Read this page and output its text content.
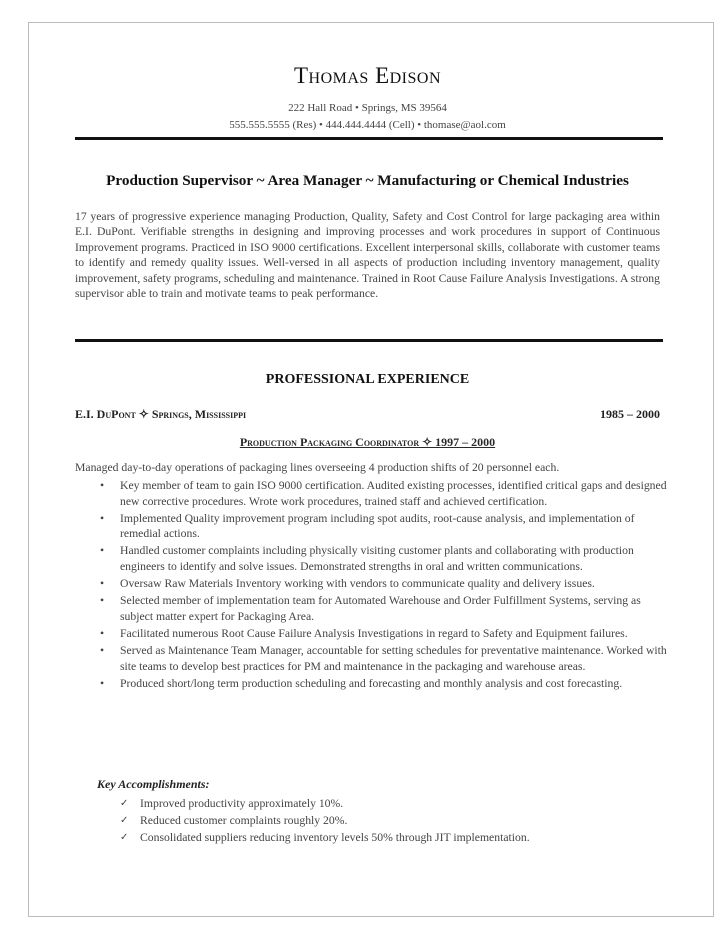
Thomas Edison
222 Hall Road • Springs, MS 39564
555.555.5555 (Res) • 444.444.4444 (Cell) • thomase@aol.com
Production Supervisor ~ Area Manager ~ Manufacturing or Chemical Industries
17 years of progressive experience managing Production, Quality, Safety and Cost Control for large packaging area within E.I. DuPont. Verifiable strengths in designing and improving processes and work procedures in support of Continuous Improvement programs. Practiced in ISO 9000 certifications. Excellent interpersonal skills, collaborate with customer teams to identify and remedy quality issues. Well-versed in all aspects of production including inventory management, quality improvement, safety programs, scheduling and maintenance. Trained in Root Cause Failure Analysis Investigations. A strong supervisor able to train and motivate teams to peak performance.
PROFESSIONAL EXPERIENCE
E.I. DuPont ✧ Springs, Mississippi	1985 – 2000
Production Packaging Coordinator ✧ 1997 – 2000
Managed day-to-day operations of packaging lines overseeing 4 production shifts of 20 personnel each.
• Key member of team to gain ISO 9000 certification. Audited existing processes, identified critical gaps and designed new corrective procedures. Wrote work procedures, trained staff and achieved certification.
• Implemented Quality improvement program including spot audits, root-cause analysis, and implementation of remedial actions.
• Handled customer complaints including physically visiting customer plants and collaborating with production engineers to identify and solve issues. Demonstrated strengths in oral and written communications.
• Oversaw Raw Materials Inventory working with vendors to communicate quality and delivery issues.
• Selected member of implementation team for Automated Warehouse and Order Fulfillment Systems, serving as subject matter expert for Packaging Area.
• Facilitated numerous Root Cause Failure Analysis Investigations in regard to Safety and Equipment failures.
• Served as Maintenance Team Manager, accountable for setting schedules for preventative maintenance. Worked with site teams to develop best practices for PM and maintenance in the packaging and warehouse areas.
• Produced short/long term production scheduling and forecasting and monthly analysis and cost forecasting.
Key Accomplishments:
✓ Improved productivity approximately 10%.
✓ Reduced customer complaints roughly 20%.
✓ Consolidated suppliers reducing inventory levels 50% through JIT implementation.
